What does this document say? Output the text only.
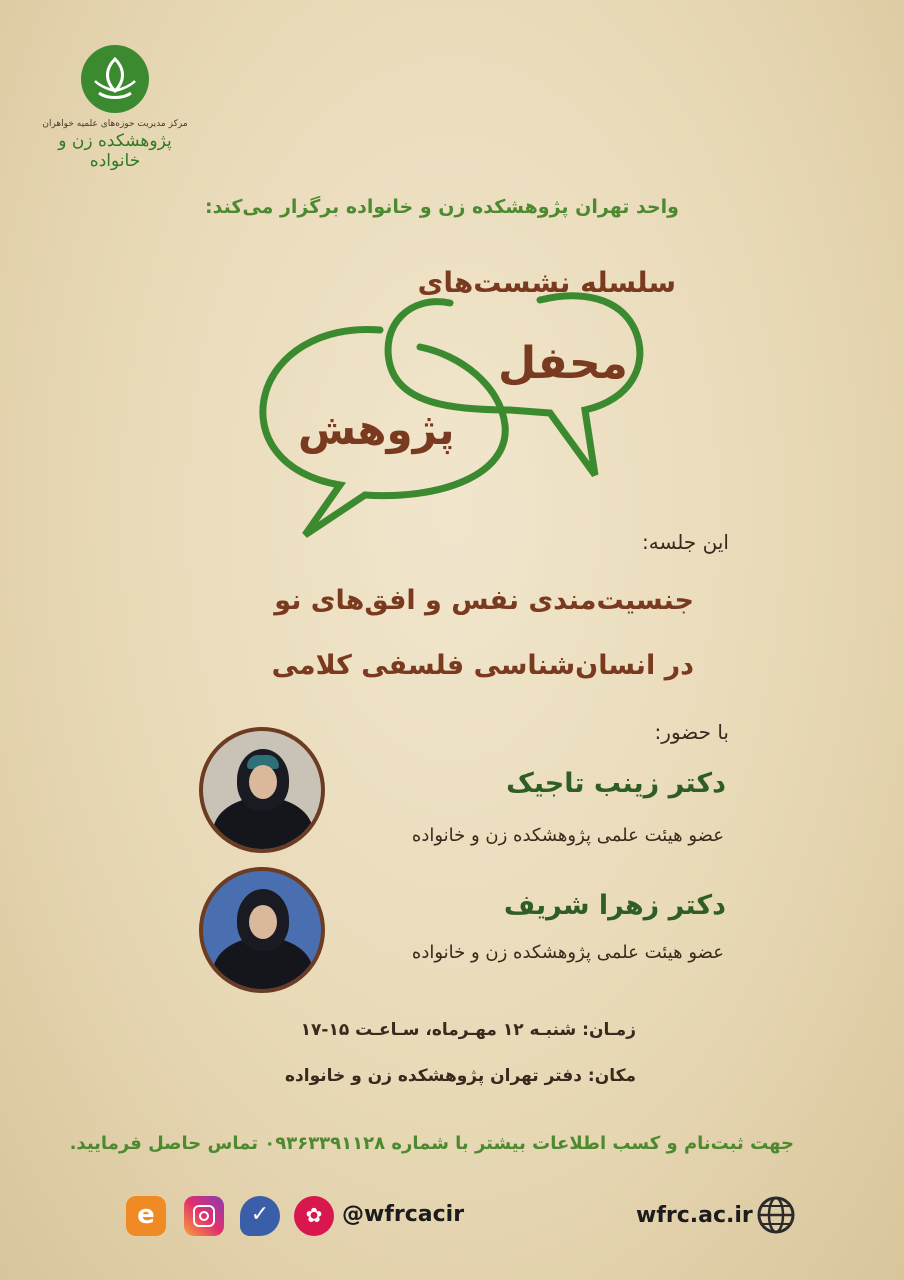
مرکز مدیریت حوزه‌های علمیه خواهران
پژوهشکده زن و خانواده
واحد تهران پژوهشکده زن و خانواده برگزار می‌کند:
سلسله نشست‌های
محفل
پژوهش
این جلسه:
جنسیت‌مندی نفس و افق‌های نو
در انسان‌شناسی فلسفی کلامی
با حضور:
دکتر زینب تاجیک
عضو هیئت علمی پژوهشکده زن و خانواده
دکتر زهرا شریف
عضو هیئت علمی پژوهشکده زن و خانواده
زمـان: شنبـه ۱۲ مهـرماه، سـاعـت ۱۵-۱۷
مکان: دفتر تهران پژوهشکده زن و خانواده
جهت ثبت‌نام و کسب اطلاعات بیشتر با شماره ۰۹۳۶۳۳۹۱۱۲۸ تماس حاصل فرمایید.
e	✓	✿ @wfrcacir	wfrc.ac.ir
